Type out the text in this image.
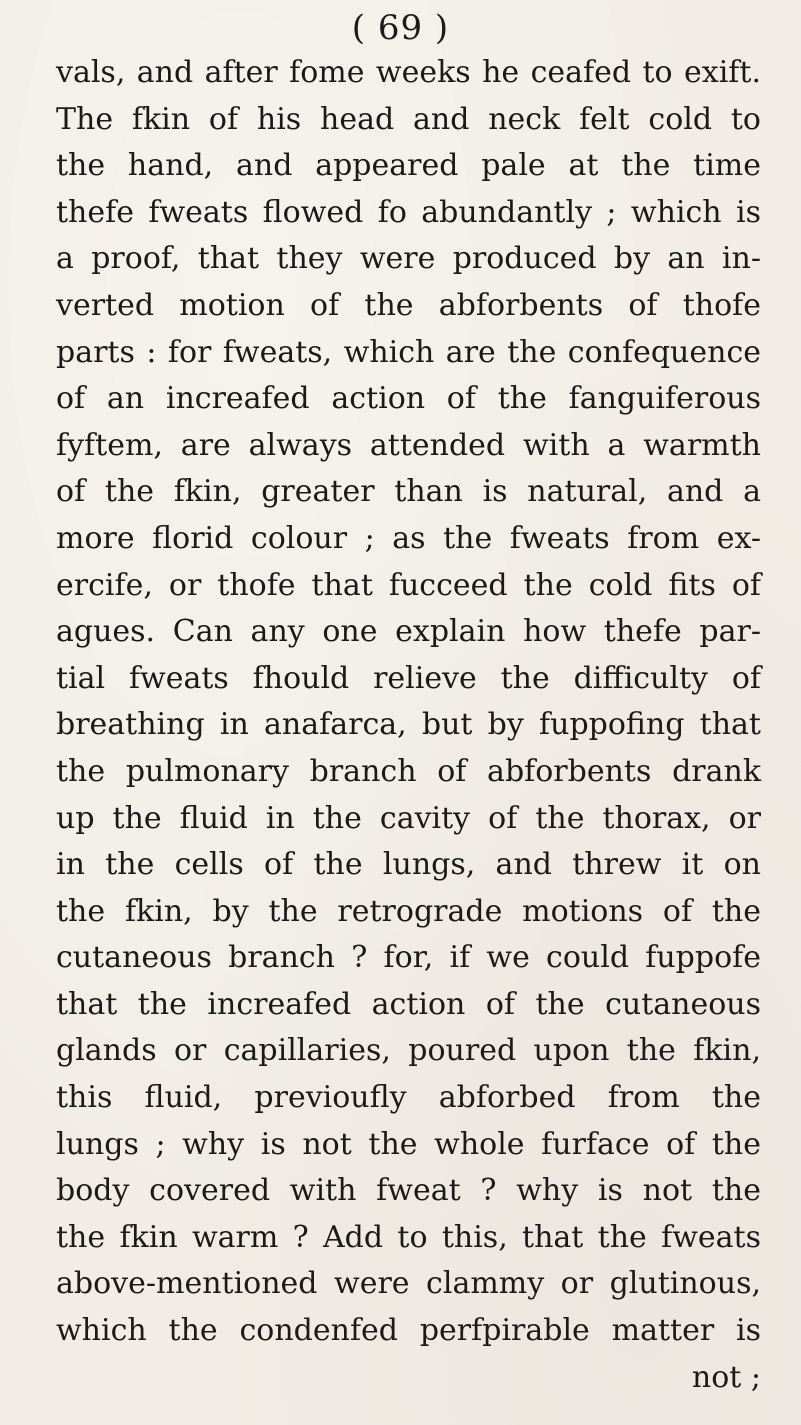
( 69 )
vals, and after fome weeks he ceafed to exift.
The fkin of his head and neck felt cold to
the hand, and appeared pale at the time
thefe fweats flowed fo abundantly ; which is
a proof, that they were produced by an in-
verted motion of the abforbents of thofe
parts : for fweats, which are the confequence
of an increafed action of the fanguiferous
fyftem, are always attended with a warmth
of the fkin, greater than is natural, and a
more florid colour ; as the fweats from ex-
ercife, or thofe that fucceed the cold fits of
agues. Can any one explain how thefe par-
tial fweats fhould relieve the difficulty of
breathing in anafarca, but by fuppofing that
the pulmonary branch of abforbents drank
up the fluid in the cavity of the thorax, or
in the cells of the lungs, and threw it on
the fkin, by the retrograde motions of the
cutaneous branch ? for, if we could fuppofe
that the increafed action of the cutaneous
glands or capillaries, poured upon the fkin,
this fluid, previoufly abforbed from the
lungs ; why is not the whole furface of the
body covered with fweat ? why is not the
the fkin warm ? Add to this, that the fweats
above-mentioned were clammy or glutinous,
which the condenfed perfpirable matter is
not ;
